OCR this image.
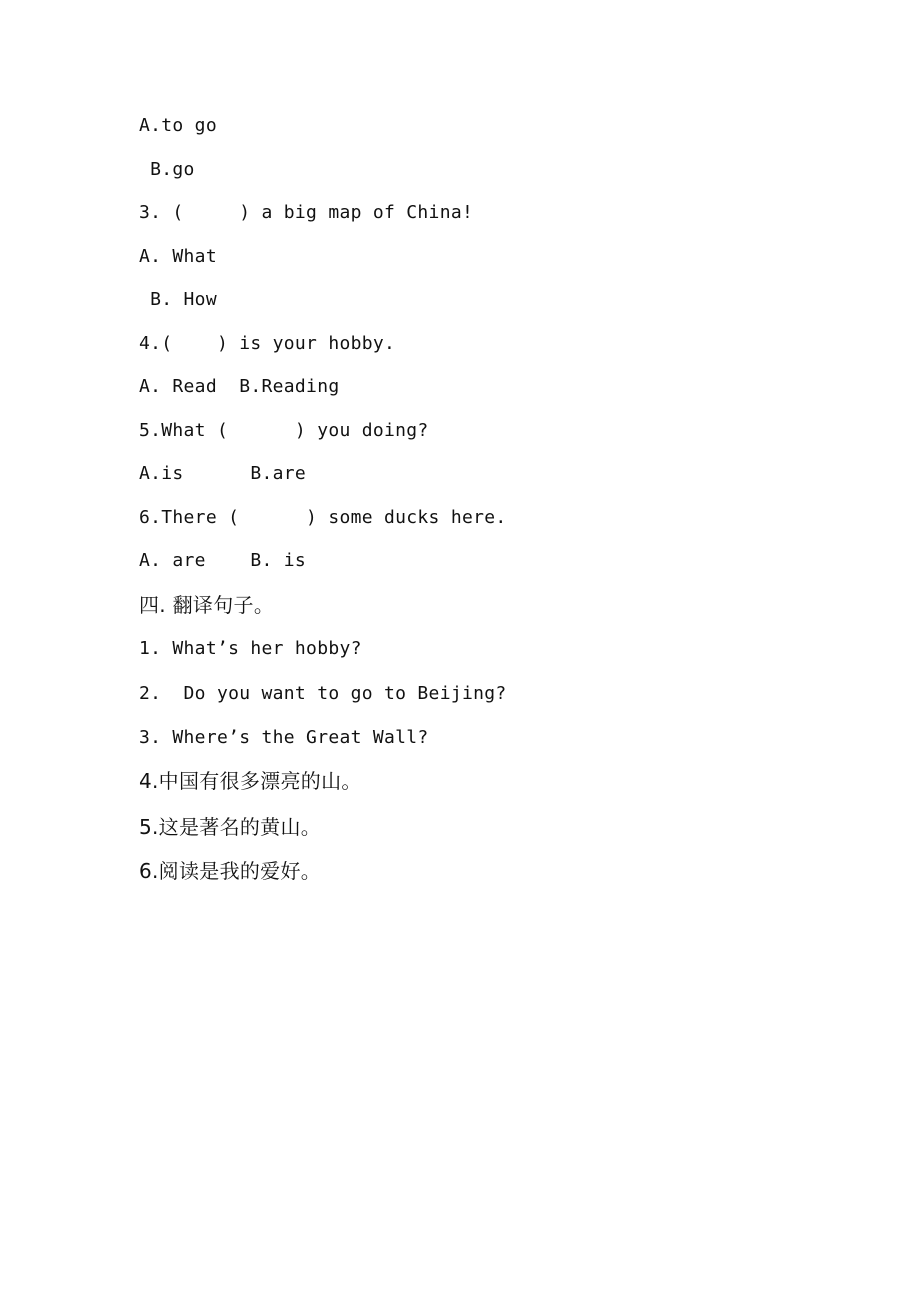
A.to go
B.go
3. (     ) a big map of China!
A. What
B. How
4.(    ) is your hobby.
A. Read  B.Reading
5.What (      ) you doing?
A.is      B.are
6.There (      ) some ducks here.
A. are    B. is
四. 翻译句子。
1. What’s her hobby?
2.  Do you want to go to Beijing?
3. Where’s the Great Wall?
4.中国有很多漂亮的山。
5.这是著名的黄山。
6.阅读是我的爱好。
